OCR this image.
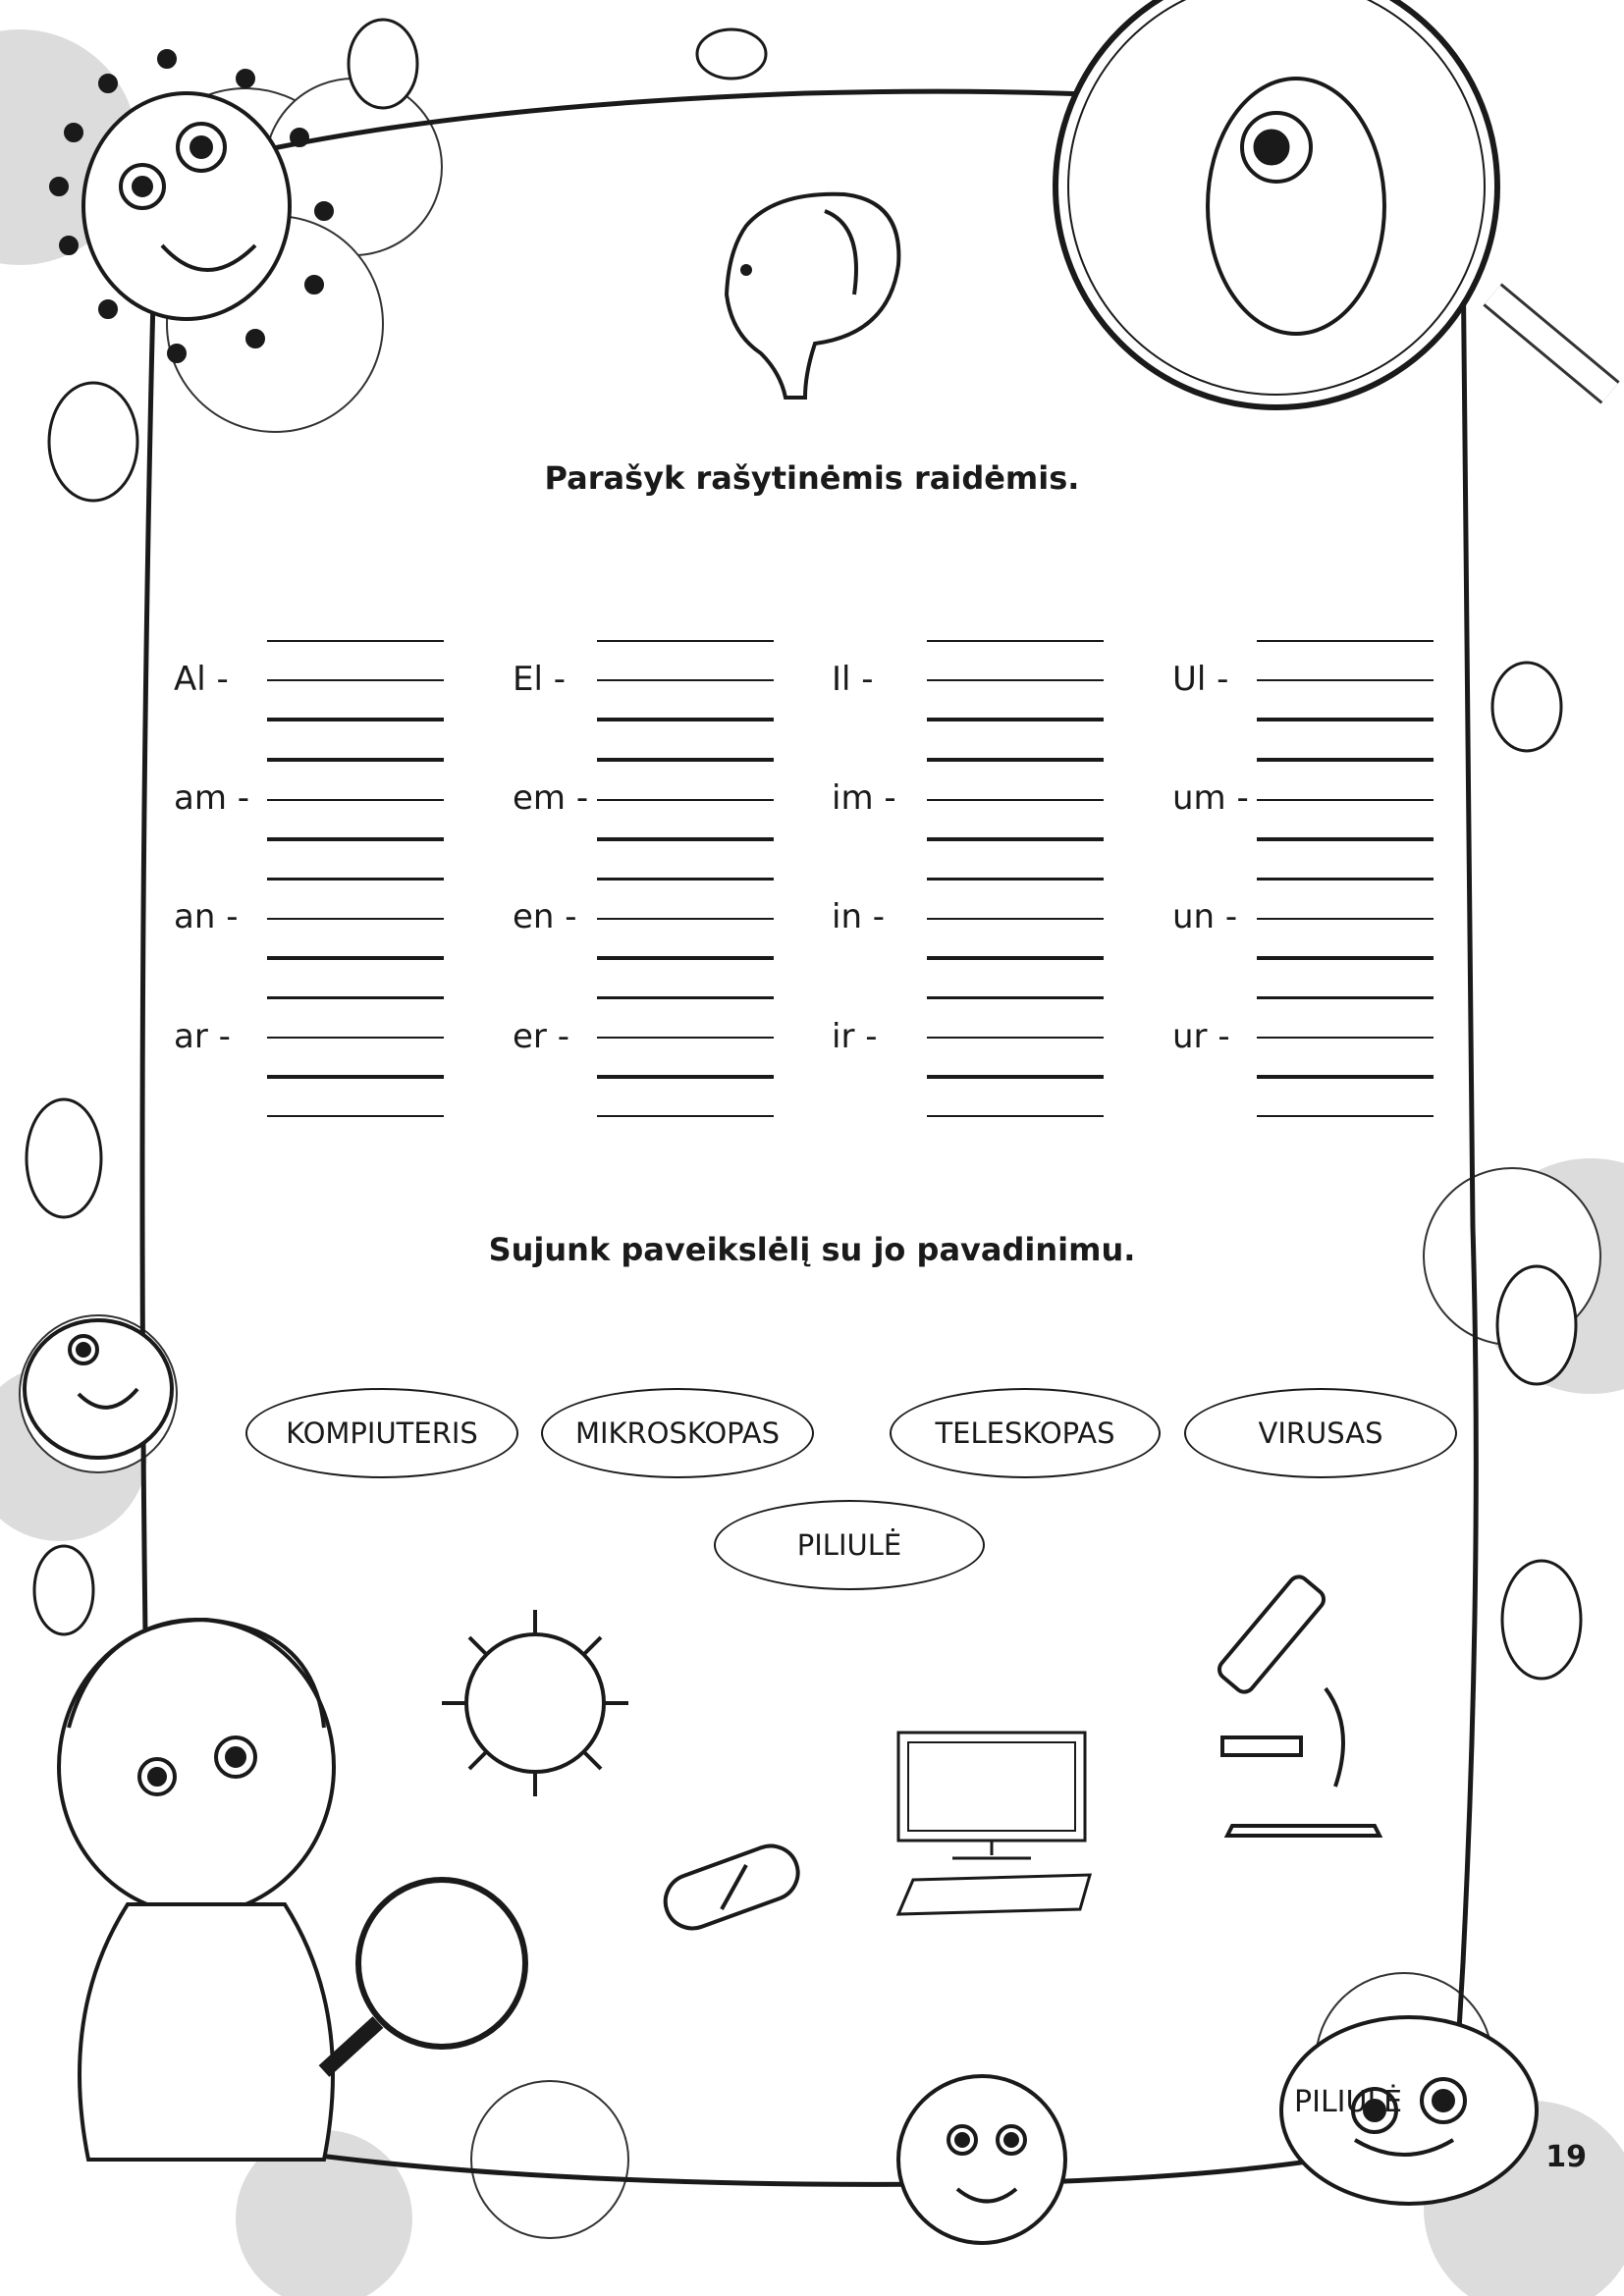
Parašyk rašytinėmis raidėmis.
Al -	El -	Il -	Ul -
am -	em -	im -	um -
an -	en -	in -	un -
ar -	er -	ir -	ur -
Sujunk paveikslėlį su jo pavadinimu.
KOMPIUTERIS	MIKROSKOPAS	TELESKOPAS	VIRUSAS
PILIULĖ
PILIULĖ
19
